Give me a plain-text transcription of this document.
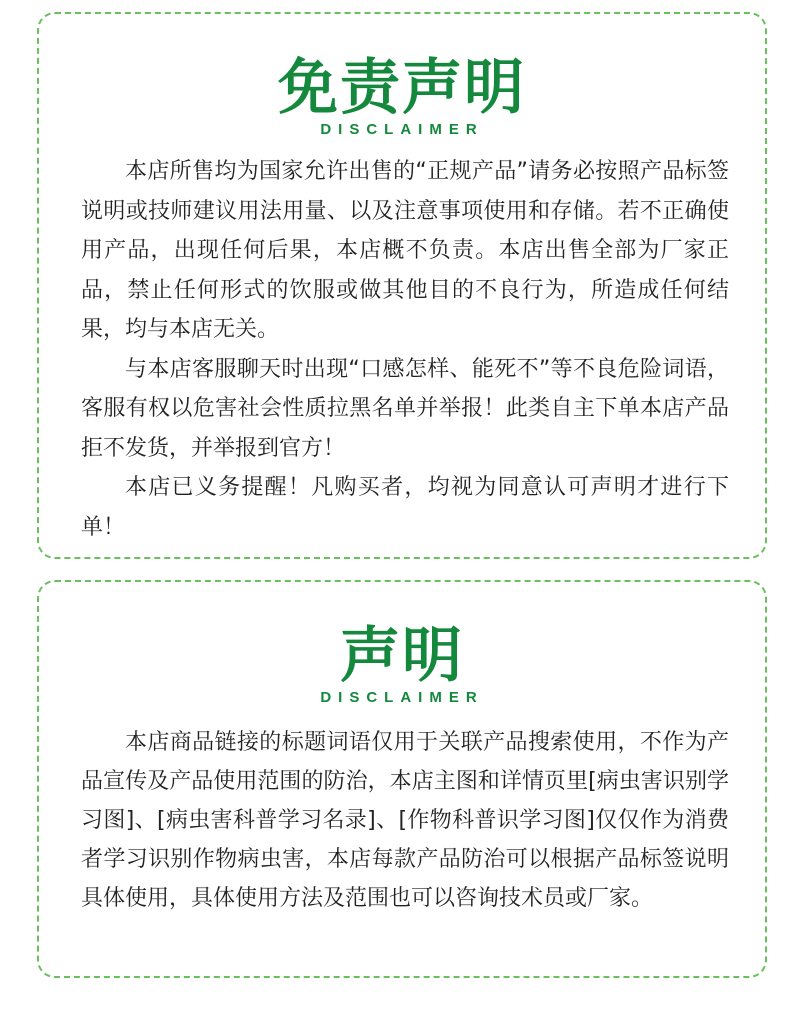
免责声明
DISCLAIMER

本店所售均为国家允许出售的“正规产品”请务必按照产品标签说明或技师建议用法用量、以及注意事项使用和存储。若不正确使用产品，出现任何后果，本店概不负责。本店出售全部为厂家正品，禁止任何形式的饮服或做其他目的不良行为，所造成任何结果，均与本店无关。

与本店客服聊天时出现“口感怎样、能死不”等不良危险词语，客服有权以危害社会性质拉黑名单并举报！此类自主下单本店产品拒不发货，并举报到官方！

本店已义务提醒！凡购买者，均视为同意认可声明才进行下单！

声明
DISCLAIMER

本店商品链接的标题词语仅用于关联产品搜索使用，不作为产品宣传及产品使用范围的防治，本店主图和详情页里[病虫害识别学习图]、[病虫害科普学习名录]、[作物科普识学习图]仅仅作为消费者学习识别作物病虫害，本店每款产品防治可以根据产品标签说明具体使用，具体使用方法及范围也可以咨询技术员或厂家。
